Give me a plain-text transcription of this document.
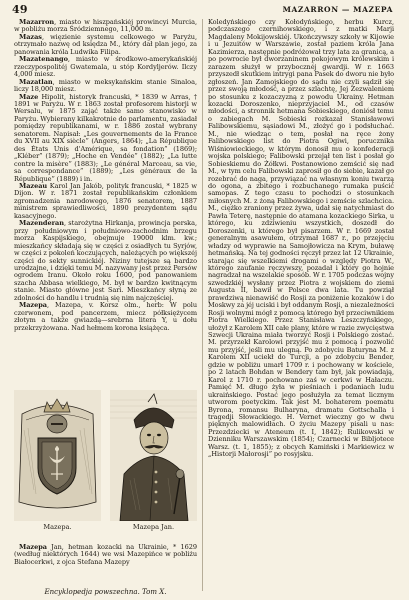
49	MAZARRON — MAZEPA

Mazarron, miasto w hiszpańskiéj prowincyi Murcia, w pobliżu morza Śródziemnego, 11,000 m.

Mazas, więzienie systemu celkowego w Paryżu, otrzymało nazwę od księdza M., który dał plan jego, za panowania króla Ludwika Filipa.

Mazatenango, miasto w środkowo-amerykańskiéj rzeczypospolitéj Gwatemala, u stóp Kordyljerów. Ilczy 4,000 miesz.

Mazatlan, miasto w meksykańskim stanie Sinaloa, liczy 18,000 miesz.

Maze Hipolit, historyk francuski, * 1839 w Arras, † 1891 w Paryżu. W r. 1863 został profesorem historji w Wersalu, w 1875 zająć także samo stanowisko w Paryżu. Wybierany kilkakrotnie do parlamentu, zasiadał pomiędzy republikanami, w r. 1886 został wybrany senatorem. Napisał: „Les gouvernements de la France du XVII au XIX siècle” (Angers, 1864); „La République des États Unis d'Amérique, sa fondation” (1869); „Kléber” (1879); „Hoche en Vendée” (1882); „La lutte contre la misère” (1883); „Le général Marceau, sa vie, sa correspondance” (1889); „Les généraux de la République” (1889) i in.

Mazeau Karol Jan Jakób, polityk francuski, * 1825 w Dijon. W r. 1871 został republikańskim członkiem zgromadzenia narodowego, 1876 senatorem, 1887 ministrem sprawiedliwości, 1890 prezydentem sądu kasacyjnego.

Mazenderan, starożytna Hirkanja, prowincja perska, przy południowym i południowo-zachodnim brzegu morza Kaspijskiego, obejmuje 19000 klm. kw.; mieszkańcy składają się w części z osiadłych tu Syrjów, w części z pokoleń koczujących, należących po większéj części do sekty sunnickiéj. Niziny tutejsze są bardzo urodzajne, i dzięki temu M. nazywany jest przez Persów ogrodem Iranu. Około roku 1600, pod panowaniem szacha Abbasa wielkiego, M. był w bardzo kwitnącym stanie. Miasto główne jest Sari. Mieszkańcy słyną ze zdolności do handlu i trudnią się nim najczęściej.

Mazepa, Mazepa, v. Korsz olm., herb: W polu czerwonem, pod pancerzem, miecz półksiężycem złotym a także gwiazdą—srebrna litera Y, u dołu przekrzyżowana. Nad hełmem korona książęca.

Koledyńskiego czy Kołodyńskiego, herbu Kurcz, podczaszego czernihowskiego, i z matki Marji Magdaleny Mokijowskiéj. Ukończywszy szkoły w Kijowie i u Jezuitów w Warszawie, został paziem króla Jana Kazimierza, następnie podróżował trzy lata za granicą, a po powrocie był dworzaninem pokojowym królewskim i zarazem służył w przybocznéj gwardji. W r. 1663 przyszedł skutkiem intrygi pana Pasek do dworu nie było zgłoszeń. Jan Zamojskiego do sądu nie czyli sądził się przez swoją młodość, a przez szlachtę, Jej Zezwaleniem po stosunku z kozaczyzną z powodu Ukrainy. Hetman kozacki Doroszenko, nieprzyjaciel M., od czasów młodości, a stronnik hetmana Sobieskiego, doniósł temu o zabiegach M. Sobieski rozkazał Stanisławowi Falibowskiemu, sąsiadowi M., złożyć go i podsłuchać. M., nie wiedząc o tem, posłał na ręce żony Falibowskiego list do Piotra Ogiwi, porucznika Wiśniowieckiego, w którym donosił mu o konfederacji wojska polskiego; Falibowski przejął ten list i posłał go Sobieskiemu do Żółkwi. Postanowiono zemścić się nad M., w tym celu Falibowski zaprosił go do siebie, kazał go rozebrać do naga, przywiązać na własnym koniu twarzą do ogona, a zbitego i rozbuchanego rumaka puścić samopas. Z tego czasu to pochodzi o stosunkach miłosnych M. z żoną Falibowskiego i zemście szlachcica. M., ciężko zraniony przez żywa, udał się natychmiast do Pawła Teterę, następnie do atamana kozackiego Sirka, u którego, ku zdziwieniu wszystkich, doszedł do Doroszenki, u którego był pisarzem. W r. 1669 został generalnym asawułem, otrzymał 1687 r., po przejęciu władzy od wyprawie na Samojłowicza na Krym, buławę hetmańską. Na tej godności ręczył przez lat 12 Ukrainie, starając się wszelkiemi drogami o względy Piotra W., którego zaufanie ręczywszy, pozadał i który go hojnie nagradzał na wszelakie sposób. W r. 1705 podczas wojny szwedzkiéj wysłany przez Piotra z wojskiem do ziemi Augusta II, bawił w Polsce dwa lata. Tu powziął prawdziwą nienawiść do Rosji za poniżenie kozaków i do Moskwy za jéj uciski i był oddanym Rosji, a niezależności Rosji wolnymi mógł z pomocą którego był przeciwnikiem Piotra Wielkiego. Przez Stanisława Leszczyńskiego, ułożył z Karolem XII całe plany, które w razie zwycięstwa Szwecji Ukraina miała tworzyć Rosji i Polskiego zostać. M. przyrzekł Karolowi przyjść mu z pomocą i pozwolić mu przyjść, jeśli mu ulegną. Po zdobyciu Baturyna M. z Karolem XII uciekł do Turcji, a po zdobyciu Bender, gdzie w pobliżu umarł 1709 r. i pochowany w kościele, po 2 latach Bohdan w Bendery tam był, jak powiadają, Karol z 1710 r. pochowano zaś w cerkwi w Hałaczu. Pamięć M. długo żyła w pieśniach i podaniach ludu ukraińskiego. Postać jego posłużyła za temat licznym utworom poetyckim. Tak jest M. bohaterem poematu Byrona, romansu Bulharyna, dramatu Gottschalla i tragedji Słowackiego. H. Vernet wieczny go w dwu pięknych malowidłach. O życiu Mazepy pisali u nas: Przezdziecki w Ateneum (t. I, 1842); Rulikowski w Dzienniku Warszawskim (1854); Czarnecki w Bibljotece Warsz. (t. 1, 1855); z obcych Kamiński i Markiewicz w „Historji Małorosji” po rosyjsku.

Mazepa.	Mazepa Jan.

Mazepa Jan, hetman kozacki na Ukrainie, * 1629 (według niektórych 1644) we wsi Mazepińce w pobliżu Białocerkwi, z ojca Stefana Mazepy

Encyklopedja powszechna. Tom X.
